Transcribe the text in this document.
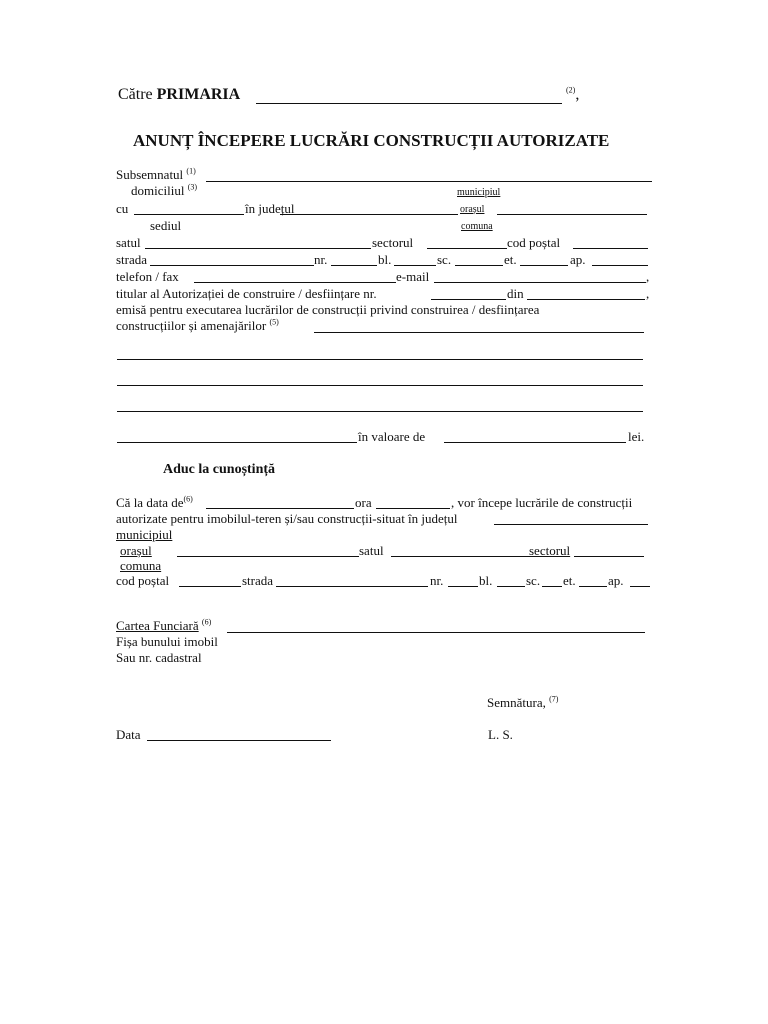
Către PRIMARIA	$^{(2)}$,
ANUNȚ ÎNCEPERE LUCRĂRI CONSTRUCȚII AUTORIZATE
Subsemnatul $^{(1)}$
domiciliul $^{(3)}$	municipiul
cu	în județul	orașul
sediul	comuna
satul	sectorul	cod poștal
strada	nr.	bl.	sc.	et.	ap.
telefon / fax	e-mail	,
titular al Autorizației de construire / desființare nr.	din	,
emisă pentru executarea lucrărilor de construcții privind construirea / desființarea
construcțiilor și amenajărilor $^{(5)}$
în valoare de	lei.
Aduc la cunoștință
Că la data $de^{(6)}$	ora	, vor începe lucrările de construcții
autorizate pentru imobilul-teren și/sau construcții-situat în județul
municipiul
orașul	satul	sectorul
comuna
cod poștal	strada	nr.	bl.	sc. et. ap.
Cartea Funciară $^{(6)}$
Fișa bunului imobil
Sau nr. cadastral
Semnătura, $^{(7)}$
Data	L. S.
